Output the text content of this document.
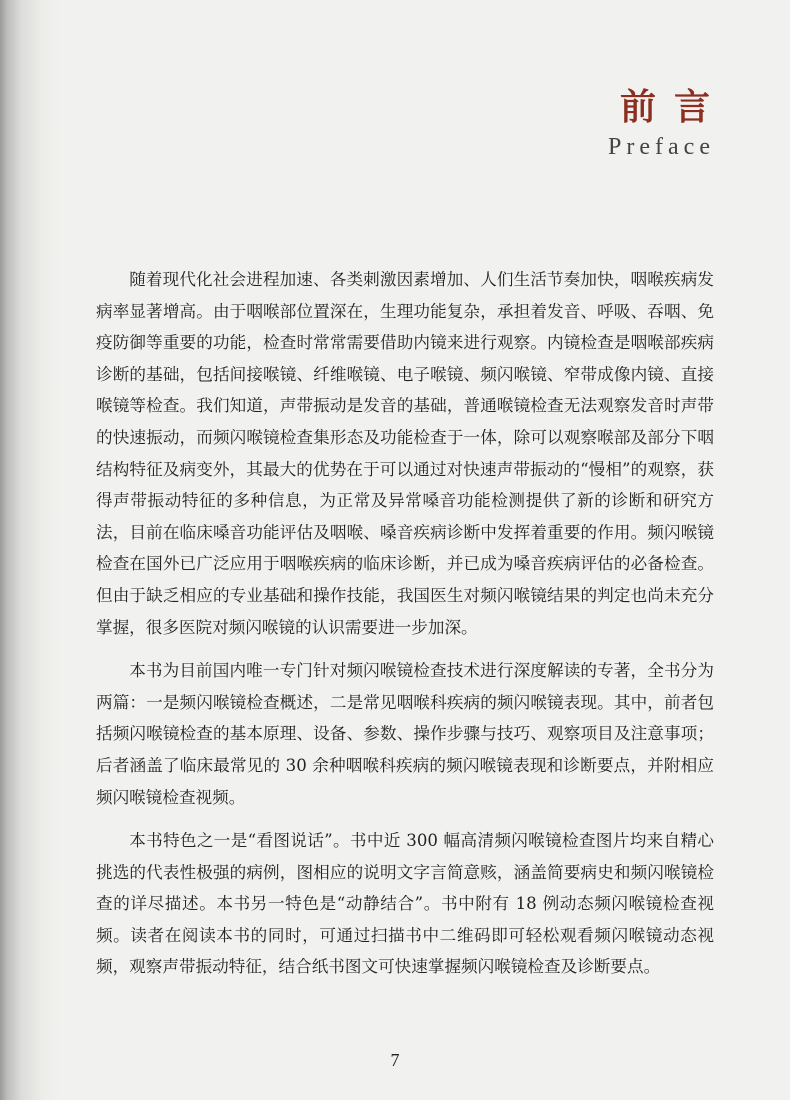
前言
Preface

随着现代化社会进程加速、各类刺激因素增加、人们生活节奏加快，咽喉疾病发病率显著增高。由于咽喉部位置深在，生理功能复杂，承担着发音、呼吸、吞咽、免疫防御等重要的功能，检查时常常需要借助内镜来进行观察。内镜检查是咽喉部疾病诊断的基础，包括间接喉镜、纤维喉镜、电子喉镜、频闪喉镜、窄带成像内镜、直接喉镜等检查。我们知道，声带振动是发音的基础，普通喉镜检查无法观察发音时声带的快速振动，而频闪喉镜检查集形态及功能检查于一体，除可以观察喉部及部分下咽结构特征及病变外，其最大的优势在于可以通过对快速声带振动的“慢相”的观察，获得声带振动特征的多种信息，为正常及异常嗓音功能检测提供了新的诊断和研究方法，目前在临床嗓音功能评估及咽喉、嗓音疾病诊断中发挥着重要的作用。频闪喉镜检查在国外已广泛应用于咽喉疾病的临床诊断，并已成为嗓音疾病评估的必备检查。但由于缺乏相应的专业基础和操作技能，我国医生对频闪喉镜结果的判定也尚未充分掌握，很多医院对频闪喉镜的认识需要进一步加深。

本书为目前国内唯一专门针对频闪喉镜检查技术进行深度解读的专著，全书分为两篇：一是频闪喉镜检查概述，二是常见咽喉科疾病的频闪喉镜表现。其中，前者包括频闪喉镜检查的基本原理、设备、参数、操作步骤与技巧、观察项目及注意事项；后者涵盖了临床最常见的 30 余种咽喉科疾病的频闪喉镜表现和诊断要点，并附相应频闪喉镜检查视频。

本书特色之一是“看图说话”。书中近 300 幅高清频闪喉镜检查图片均来自精心挑选的代表性极强的病例，图相应的说明文字言简意赅，涵盖简要病史和频闪喉镜检查的详尽描述。本书另一特色是“动静结合”。书中附有 18 例动态频闪喉镜检查视频。读者在阅读本书的同时，可通过扫描书中二维码即可轻松观看频闪喉镜动态视频，观察声带振动特征，结合纸书图文可快速掌握频闪喉镜检查及诊断要点。

7
